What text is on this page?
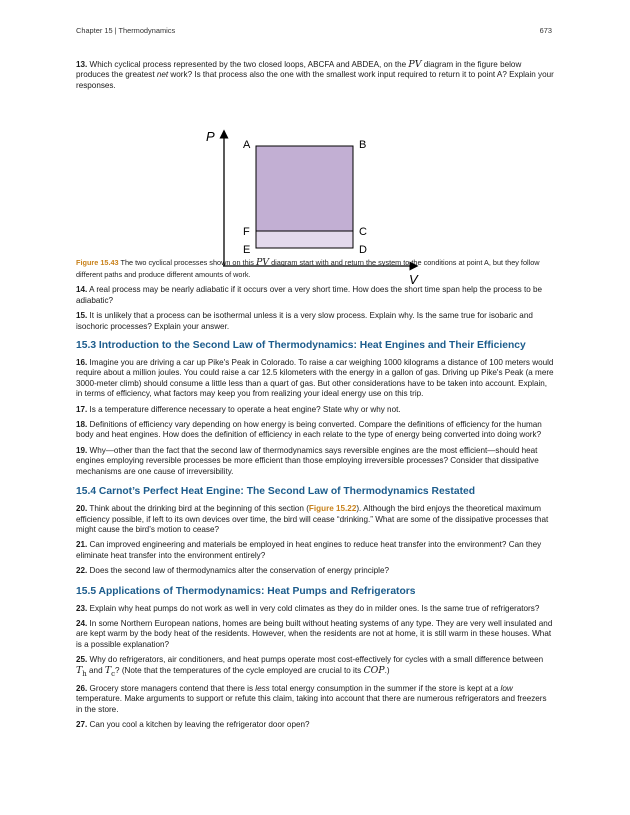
Chapter 15 | Thermodynamics	673

13. Which cyclical process represented by the two closed loops, ABCFA and ABDEA, on the PV diagram in the figure below produces the greatest net work? Is that process also the one with the smallest work input required to return it to point A? Explain your responses.

P
V
A	B
F	C
E	D

Figure 15.43 The two cyclical processes shown on this PV diagram start with and return the system to the conditions at point A, but they follow different paths and produce different amounts of work.

14. A real process may be nearly adiabatic if it occurs over a very short time. How does the short time span help the process to be adiabatic?

15. It is unlikely that a process can be isothermal unless it is a very slow process. Explain why. Is the same true for isobaric and isochoric processes? Explain your answer.

15.3 Introduction to the Second Law of Thermodynamics: Heat Engines and Their Efficiency

16. Imagine you are driving a car up Pike's Peak in Colorado. To raise a car weighing 1000 kilograms a distance of 100 meters would require about a million joules. You could raise a car 12.5 kilometers with the energy in a gallon of gas. Driving up Pike's Peak (a mere 3000-meter climb) should consume a little less than a quart of gas. But other considerations have to be taken into account. Explain, in terms of efficiency, what factors may keep you from realizing your ideal energy use on this trip.

17. Is a temperature difference necessary to operate a heat engine? State why or why not.

18. Definitions of efficiency vary depending on how energy is being converted. Compare the definitions of efficiency for the human body and heat engines. How does the definition of efficiency in each relate to the type of energy being converted into doing work?

19. Why—other than the fact that the second law of thermodynamics says reversible engines are the most efficient—should heat engines employing reversible processes be more efficient than those employing irreversible processes? Consider that dissipative mechanisms are one cause of irreversibility.

15.4 Carnot’s Perfect Heat Engine: The Second Law of Thermodynamics Restated

20. Think about the drinking bird at the beginning of this section (Figure 15.22). Although the bird enjoys the theoretical maximum efficiency possible, if left to its own devices over time, the bird will cease “drinking.” What are some of the dissipative processes that might cause the bird’s motion to cease?

21. Can improved engineering and materials be employed in heat engines to reduce heat transfer into the environment? Can they eliminate heat transfer into the environment entirely?

22. Does the second law of thermodynamics alter the conservation of energy principle?

15.5 Applications of Thermodynamics: Heat Pumps and Refrigerators

23. Explain why heat pumps do not work as well in very cold climates as they do in milder ones. Is the same true of refrigerators?

24. In some Northern European nations, homes are being built without heating systems of any type. They are very well insulated and are kept warm by the body heat of the residents. However, when the residents are not at home, it is still warm in these houses. What is a possible explanation?

25. Why do refrigerators, air conditioners, and heat pumps operate most cost-effectively for cycles with a small difference between $T_h$ and $T_c$? (Note that the temperatures of the cycle employed are crucial to its COP.)

26. Grocery store managers contend that there is less total energy consumption in the summer if the store is kept at a low temperature. Make arguments to support or refute this claim, taking into account that there are numerous refrigerators and freezers in the store.

27. Can you cool a kitchen by leaving the refrigerator door open?
